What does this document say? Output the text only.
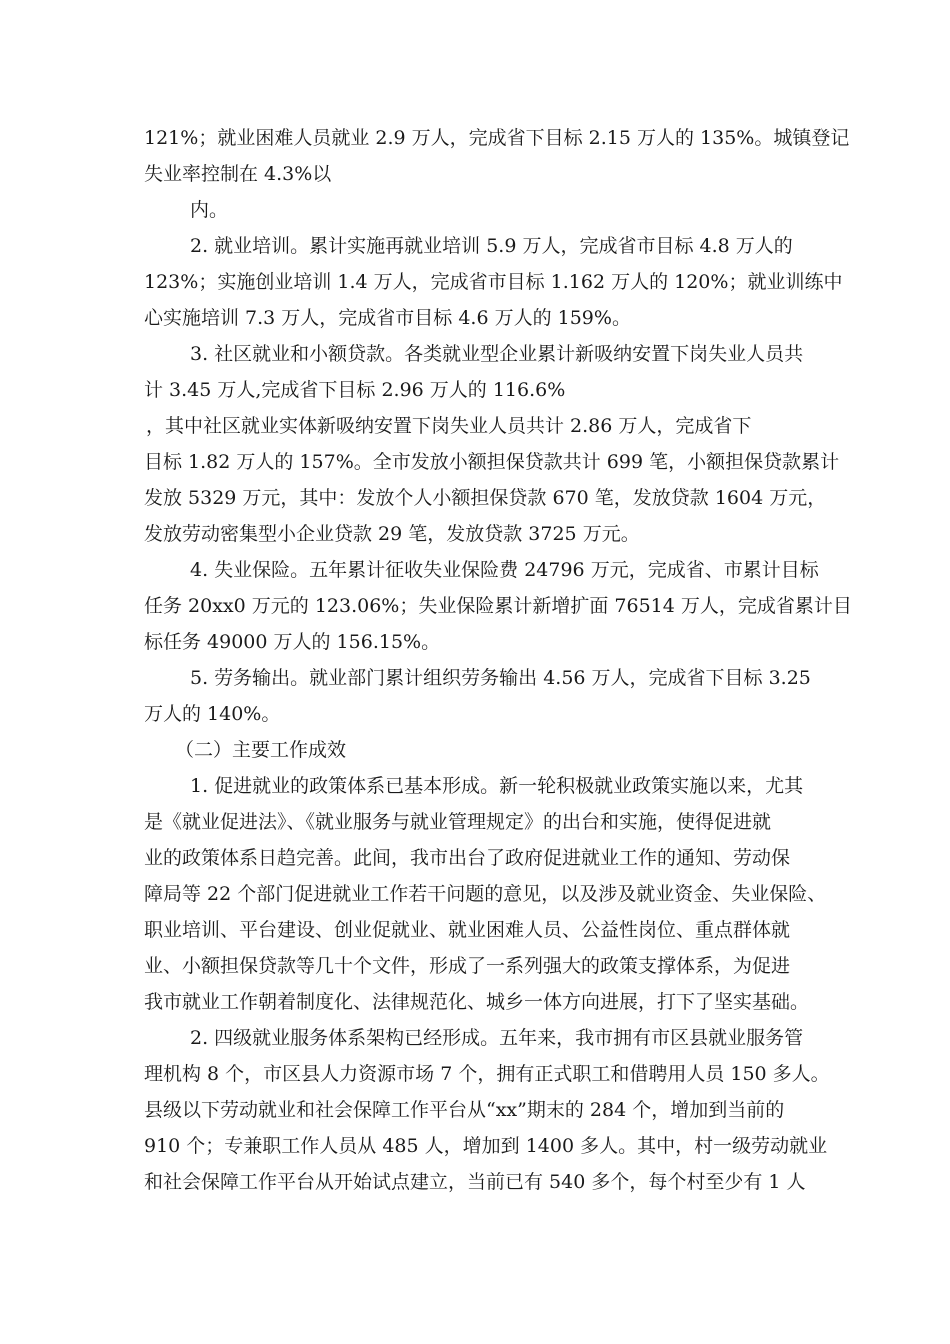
121%；就业困难人员就业 2.9 万人，完成省下目标 2.15 万人的 135%。城镇登记
失业率控制在 4.3%以
内。
2. 就业培训。累计实施再就业培训 5.9 万人，完成省市目标 4.8 万人的
123%；实施创业培训 1.4 万人，完成省市目标 1.162 万人的 120%；就业训练中
心实施培训 7.3 万人，完成省市目标 4.6 万人的 159%。
3. 社区就业和小额贷款。各类就业型企业累计新吸纳安置下岗失业人员共
计 3.45 万人,完成省下目标 2.96 万人的 116.6%
，其中社区就业实体新吸纳安置下岗失业人员共计 2.86 万人，完成省下
目标 1.82 万人的 157%。全市发放小额担保贷款共计 699 笔，小额担保贷款累计
发放 5329 万元，其中：发放个人小额担保贷款 670 笔，发放贷款 1604 万元，
发放劳动密集型小企业贷款 29 笔，发放贷款 3725 万元。
4. 失业保险。五年累计征收失业保险费 24796 万元，完成省、市累计目标
任务 20xx0 万元的 123.06%；失业保险累计新增扩面 76514 万人，完成省累计目
标任务 49000 万人的 156.15%。
5. 劳务输出。就业部门累计组织劳务输出 4.56 万人，完成省下目标 3.25
万人的 140%。
（二）主要工作成效
1. 促进就业的政策体系已基本形成。新一轮积极就业政策实施以来，尤其
是《就业促进法》、《就业服务与就业管理规定》的出台和实施，使得促进就
业的政策体系日趋完善。此间，我市出台了政府促进就业工作的通知、劳动保
障局等 22 个部门促进就业工作若干问题的意见，以及涉及就业资金、失业保险、
职业培训、平台建设、创业促就业、就业困难人员、公益性岗位、重点群体就
业、小额担保贷款等几十个文件，形成了一系列强大的政策支撑体系，为促进
我市就业工作朝着制度化、法律规范化、城乡一体方向进展，打下了坚实基础。
2. 四级就业服务体系架构已经形成。五年来，我市拥有市区县就业服务管
理机构 8 个，市区县人力资源市场 7 个，拥有正式职工和借聘用人员 150 多人。
县级以下劳动就业和社会保障工作平台从“xx”期末的 284 个，增加到当前的
910 个；专兼职工作人员从 485 人，增加到 1400 多人。其中，村一级劳动就业
和社会保障工作平台从开始试点建立，当前已有 540 多个，每个村至少有 1 人
